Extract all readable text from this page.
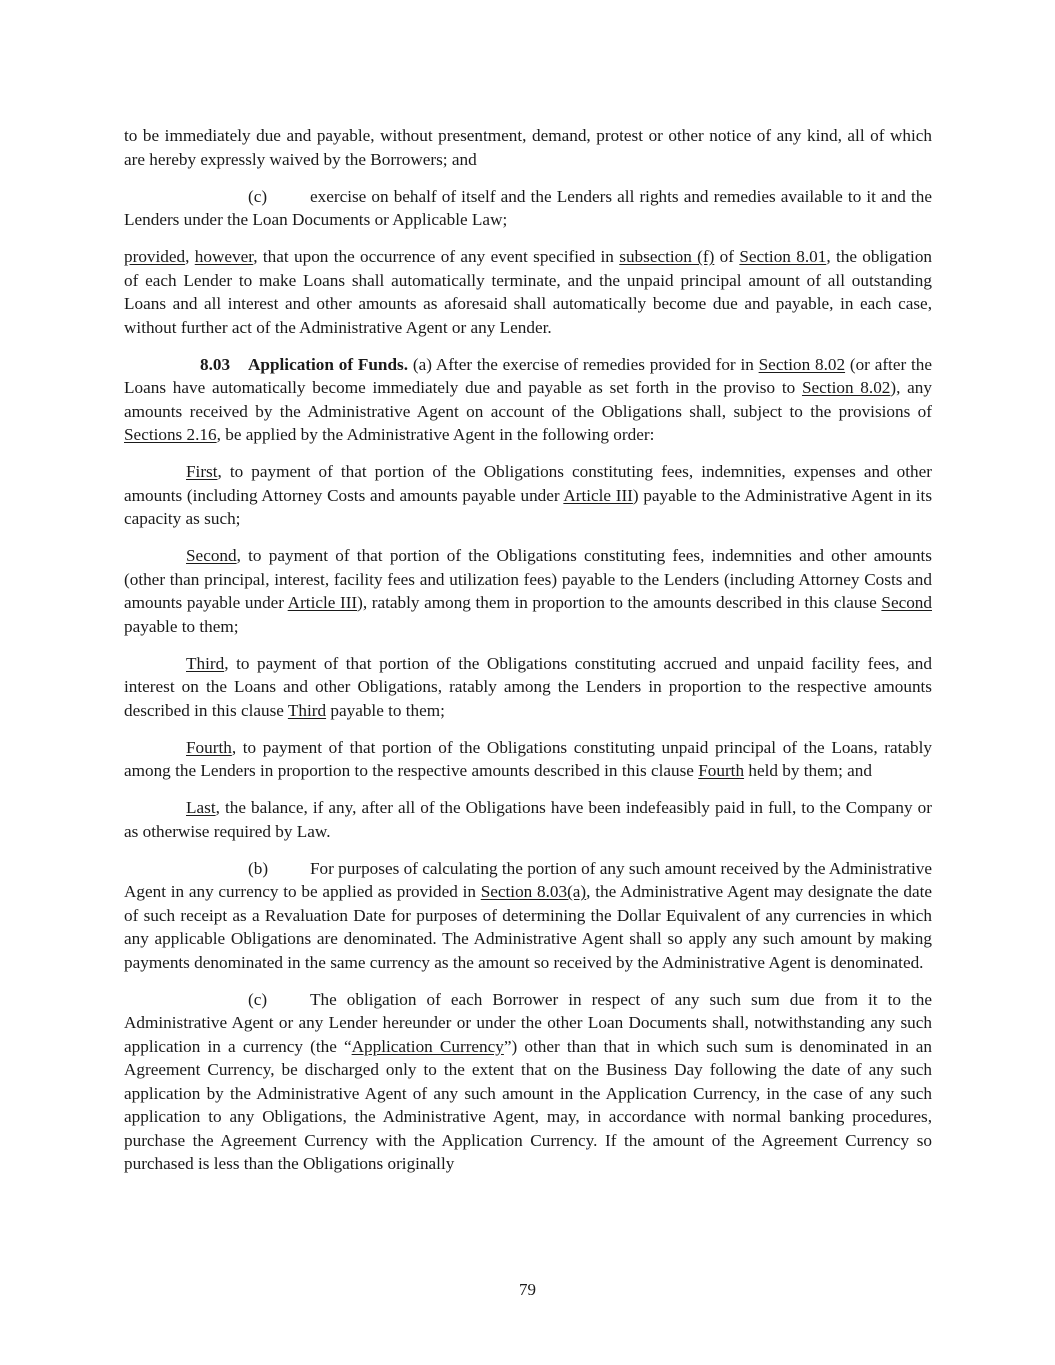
to be immediately due and payable, without presentment, demand, protest or other notice of any kind, all of which are hereby expressly waived by the Borrowers; and

(c) exercise on behalf of itself and the Lenders all rights and remedies available to it and the Lenders under the Loan Documents or Applicable Law;

provided, however, that upon the occurrence of any event specified in subsection (f) of Section 8.01, the obligation of each Lender to make Loans shall automatically terminate, and the unpaid principal amount of all outstanding Loans and all interest and other amounts as aforesaid shall automatically become due and payable, in each case, without further act of the Administrative Agent or any Lender.

8.03 Application of Funds. (a) After the exercise of remedies provided for in Section 8.02 (or after the Loans have automatically become immediately due and payable as set forth in the proviso to Section 8.02), any amounts received by the Administrative Agent on account of the Obligations shall, subject to the provisions of Sections 2.16, be applied by the Administrative Agent in the following order:

First, to payment of that portion of the Obligations constituting fees, indemnities, expenses and other amounts (including Attorney Costs and amounts payable under Article III) payable to the Administrative Agent in its capacity as such;

Second, to payment of that portion of the Obligations constituting fees, indemnities and other amounts (other than principal, interest, facility fees and utilization fees) payable to the Lenders (including Attorney Costs and amounts payable under Article III), ratably among them in proportion to the amounts described in this clause Second payable to them;

Third, to payment of that portion of the Obligations constituting accrued and unpaid facility fees, and interest on the Loans and other Obligations, ratably among the Lenders in proportion to the respective amounts described in this clause Third payable to them;

Fourth, to payment of that portion of the Obligations constituting unpaid principal of the Loans, ratably among the Lenders in proportion to the respective amounts described in this clause Fourth held by them; and

Last, the balance, if any, after all of the Obligations have been indefeasibly paid in full, to the Company or as otherwise required by Law.

(b) For purposes of calculating the portion of any such amount received by the Administrative Agent in any currency to be applied as provided in Section 8.03(a), the Administrative Agent may designate the date of such receipt as a Revaluation Date for purposes of determining the Dollar Equivalent of any currencies in which any applicable Obligations are denominated. The Administrative Agent shall so apply any such amount by making payments denominated in the same currency as the amount so received by the Administrative Agent is denominated.

(c) The obligation of each Borrower in respect of any such sum due from it to the Administrative Agent or any Lender hereunder or under the other Loan Documents shall, notwithstanding any such application in a currency (the “Application Currency”) other than that in which such sum is denominated in an Agreement Currency, be discharged only to the extent that on the Business Day following the date of any such application by the Administrative Agent of any such amount in the Application Currency, in the case of any such application to any Obligations, the Administrative Agent, may, in accordance with normal banking procedures, purchase the Agreement Currency with the Application Currency. If the amount of the Agreement Currency so purchased is less than the Obligations originally

79
